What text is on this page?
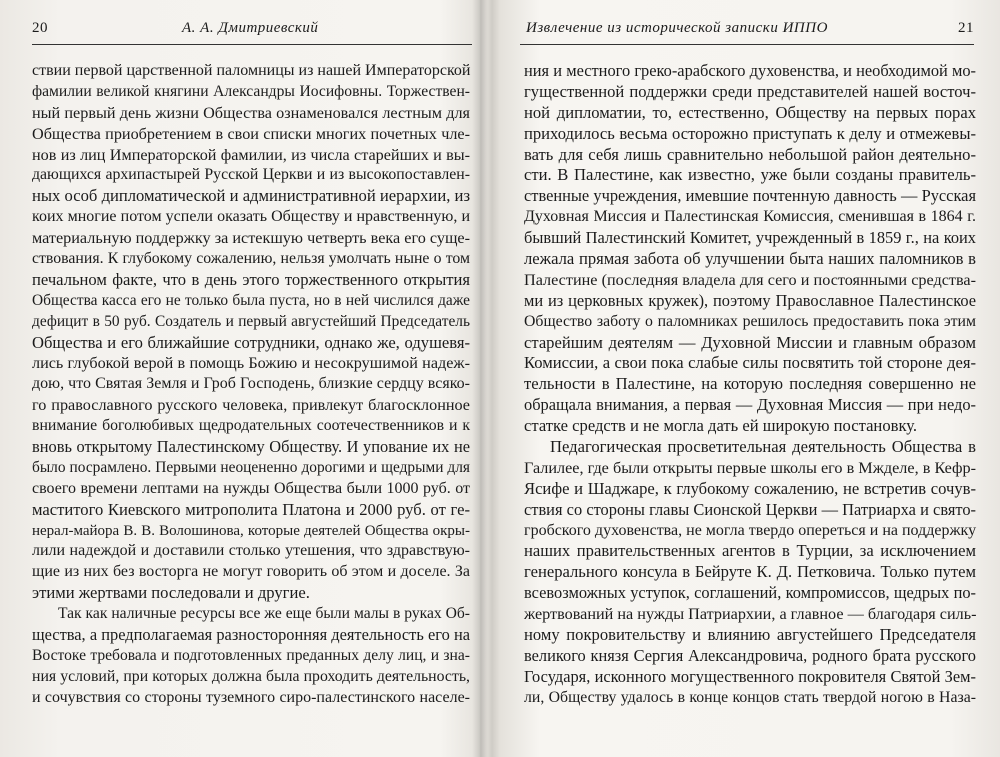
20	А. А. Дмитриевский
ствии первой царственной паломницы из нашей Императорской
фамилии великой княгини Александры Иосифовны. Торжествен-
ный первый день жизни Общества ознаменовался лестным для
Общества приобретением в свои списки многих почетных чле-
нов из лиц Императорской фамилии, из числа старейших и вы-
дающихся архипастырей Русской Церкви и из высокопоставлен-
ных особ дипломатической и административной иерархии, из
коих многие потом успели оказать Обществу и нравственную, и
материальную поддержку за истекшую четверть века его суще-
ствования. К глубокому сожалению, нельзя умолчать ныне о том
печальном факте, что в день этого торжественного открытия
Общества касса его не только была пуста, но в ней числился даже
дефицит в 50 руб. Создатель и первый августейший Председатель
Общества и его ближайшие сотрудники, однако же, одушевя-
лись глубокой верой в помощь Божию и несокрушимой надеж-
дою, что Святая Земля и Гроб Господень, близкие сердцу всяко-
го православного русского человека, привлекут благосклонное
внимание боголюбивых щедродательных соотечественников и к
вновь открытому Палестинскому Обществу. И упование их не
было посрамлено. Первыми неоцененно дорогими и щедрыми для
своего времени лептами на нужды Общества были 1000 руб. от
маститого Киевского митрополита Платона и 2000 руб. от ге-
нерал-майора В. В. Волошинова, которые деятелей Общества окры-
лили надеждой и доставили столько утешения, что здравствую-
щие из них без восторга не могут говорить об этом и доселе. За
этими жертвами последовали и другие.
Так как наличные ресурсы все же еще были малы в руках Об-
щества, а предполагаемая разносторонняя деятельность его на
Востоке требовала и подготовленных преданных делу лиц, и зна-
ния условий, при которых должна была проходить деятельность,
и сочувствия со стороны туземного сиро-палестинского населе-
Извлечение из исторической записки ИППО	21
ния и местного греко-арабского духовенства, и необходимой мо-
гущественной поддержки среди представителей нашей восточ-
ной дипломатии, то, естественно, Обществу на первых порах
приходилось весьма осторожно приступать к делу и отмежевы-
вать для себя лишь сравнительно небольшой район деятельно-
сти. В Палестине, как известно, уже были созданы правитель-
ственные учреждения, имевшие почтенную давность — Русская
Духовная Миссия и Палестинская Комиссия, сменившая в 1864 г.
бывший Палестинский Комитет, учрежденный в 1859 г., на коих
лежала прямая забота об улучшении быта наших паломников в
Палестине (последняя владела для сего и постоянными средства-
ми из церковных кружек), поэтому Православное Палестинское
Общество заботу о паломниках решилось предоставить пока этим
старейшим деятелям — Духовной Миссии и главным образом
Комиссии, а свои пока слабые силы посвятить той стороне дея-
тельности в Палестине, на которую последняя совершенно не
обращала внимания, а первая — Духовная Миссия — при недо-
статке средств и не могла дать ей широкую постановку.
Педагогическая просветительная деятельность Общества в
Галилее, где были открыты первые школы его в Мжделе, в Кефр-
Ясифе и Шаджаре, к глубокому сожалению, не встретив сочув-
ствия со стороны главы Сионской Церкви — Патриарха и свято-
гробского духовенства, не могла твердо опереться и на поддержку
наших правительственных агентов в Турции, за исключением
генерального консула в Бейруте К. Д. Петковича. Только путем
всевозможных уступок, соглашений, компромиссов, щедрых по-
жертвований на нужды Патриархии, а главное — благодаря силь-
ному покровительству и влиянию августейшего Председателя
великого князя Сергия Александровича, родного брата русского
Государя, исконного могущественного покровителя Святой Зем-
ли, Обществу удалось в конце концов стать твердой ногою в Наза-
